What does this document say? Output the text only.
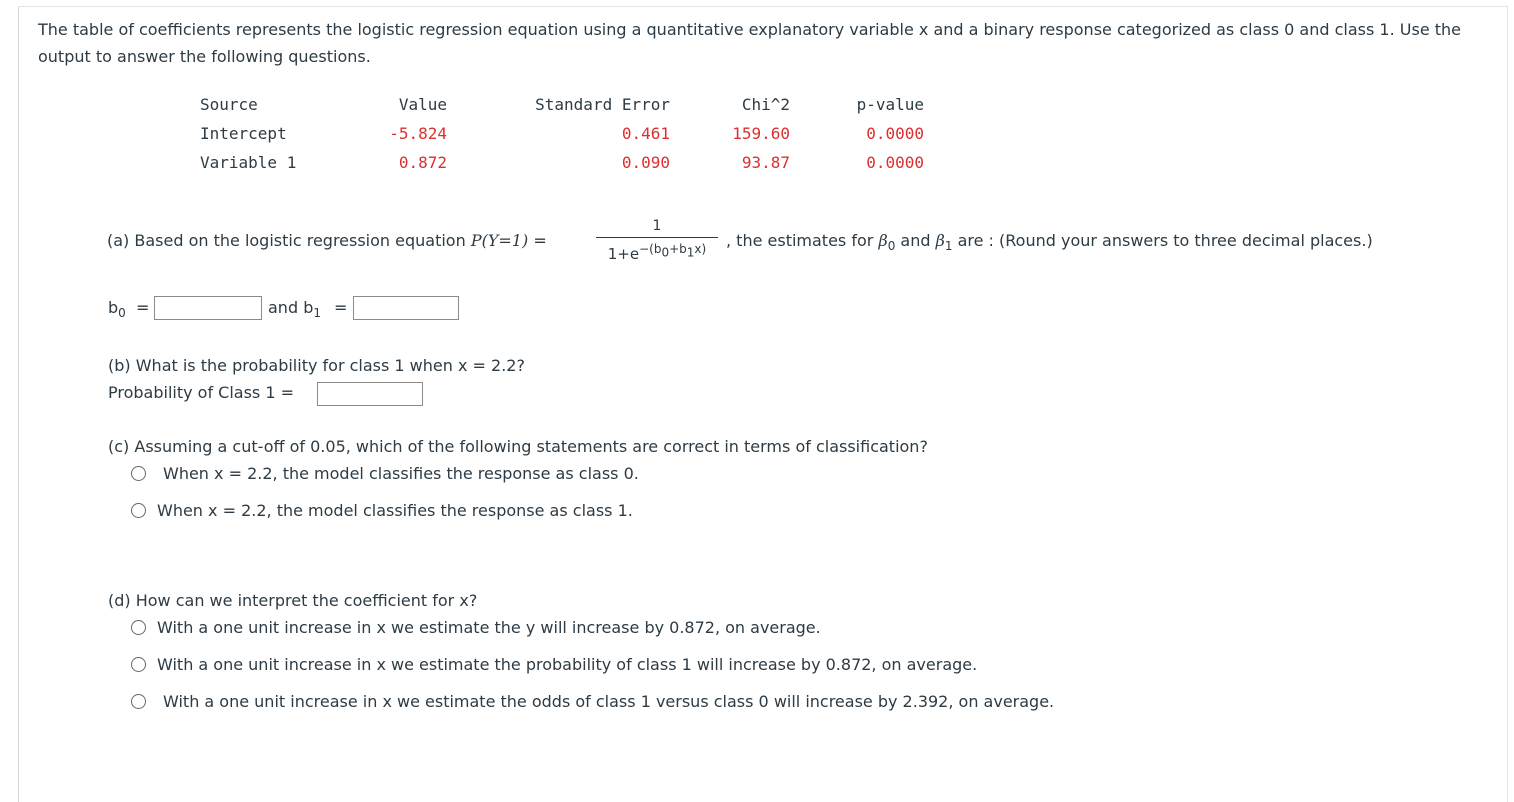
The table of coefficients represents the logistic regression equation using a quantitative explanatory variable x and a binary response categorized as class 0 and class 1. Use the output to answer the following questions.
Source	Value	Standard Error	Chi^2	p-value
Intercept	-5.824	0.461	159.60	0.0000
Variable 1	0.872	0.090	93.87	0.0000
(a) Based on the logistic regression equation P(Y=1) =
1
$1+e^{-(b_0+b_1x)}$	, the estimates for $\beta_0$ and $\beta_1$ are : (Round your answers to three decimal places.)
$b_0$ =	and $b_1$ =
(b) What is the probability for class 1 when x = 2.2?
Probability of Class 1 =
(c) Assuming a cut-off of 0.05, which of the following statements are correct in terms of classification?
When x = 2.2, the model classifies the response as class 0.
When x = 2.2, the model classifies the response as class 1.
(d) How can we interpret the coefficient for x?
With a one unit increase in x we estimate the y will increase by 0.872, on average.
With a one unit increase in x we estimate the probability of class 1 will increase by 0.872, on average.
With a one unit increase in x we estimate the odds of class 1 versus class 0 will increase by 2.392, on average.
